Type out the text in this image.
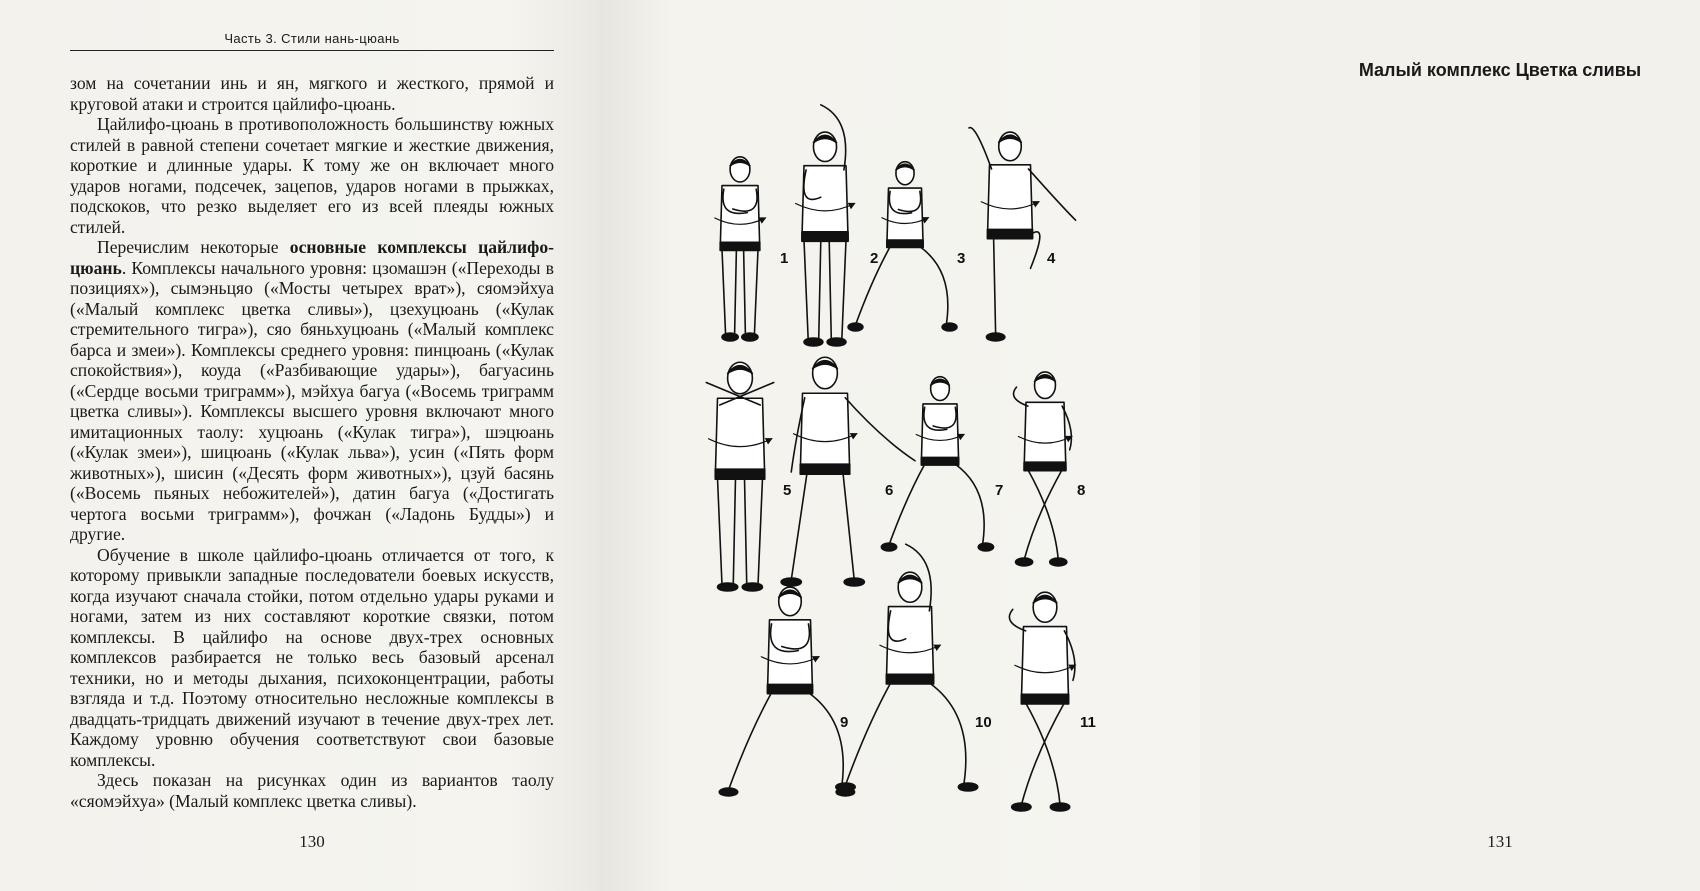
Часть 3. Стили нань-цюань

зом на сочетании инь и ян, мягкого и жесткого, прямой и круговой атаки и строится цайлифо-цюань.

Цайлифо-цюань в противоположность большинству южных стилей в равной степени сочетает мягкие и жесткие движения, короткие и длинные удары. К тому же он включает много ударов ногами, подсечек, зацепов, ударов ногами в прыжках, подскоков, что резко выделяет его из всей плеяды южных стилей.

Перечислим некоторые основные комплексы цайлифо-цюань. Комплексы начального уровня: цзомашэн («Переходы в позициях»), сымэньцяо («Мосты четырех врат»), сяомэйхуа («Малый комплекс цветка сливы»), цзехуцюань («Кулак стремительного тигра»), сяо бяньхуцюань («Малый комплекс барса и змеи»). Комплексы среднего уровня: пинцюань («Кулак спокойствия»), коуда («Разбивающие удары»), багуасинь («Сердце восьми триграмм»), мэйхуа багуа («Восемь триграмм цветка сливы»). Комплексы высшего уровня включают много имитационных таолу: хуцюань («Кулак тигра»), шэцюань («Кулак змеи»), шицюань («Кулак льва»), усин («Пять форм животных»), шисин («Десять форм животных»), цзуй басянь («Восемь пьяных небожителей»), датин багуа («Достигать чертога восьми триграмм»), фочжан («Ладонь Будды») и другие.

Обучение в школе цайлифо-цюань отличается от того, к которому привыкли западные последователи боевых искусств, когда изучают сначала стойки, потом отдельно удары руками и ногами, затем из них составляют короткие связки, потом комплексы. В цайлифо на основе двух-трех основных комплексов разбирается не только весь базовый арсенал техники, но и методы дыхания, психоконцентрации, работы взгляда и т.д. Поэтому относительно несложные комплексы в двадцать-тридцать движений изучают в течение двух-трех лет. Каждому уровню обучения соответствуют свои базовые комплексы.

Здесь показан на рисунках один из вариантов таолу «сяомэйхуа» (Малый комплекс цветка сливы).

130
Малый комплекс Цветка сливы
131
1	2	3	4
5	6	7	8
9	10	11
